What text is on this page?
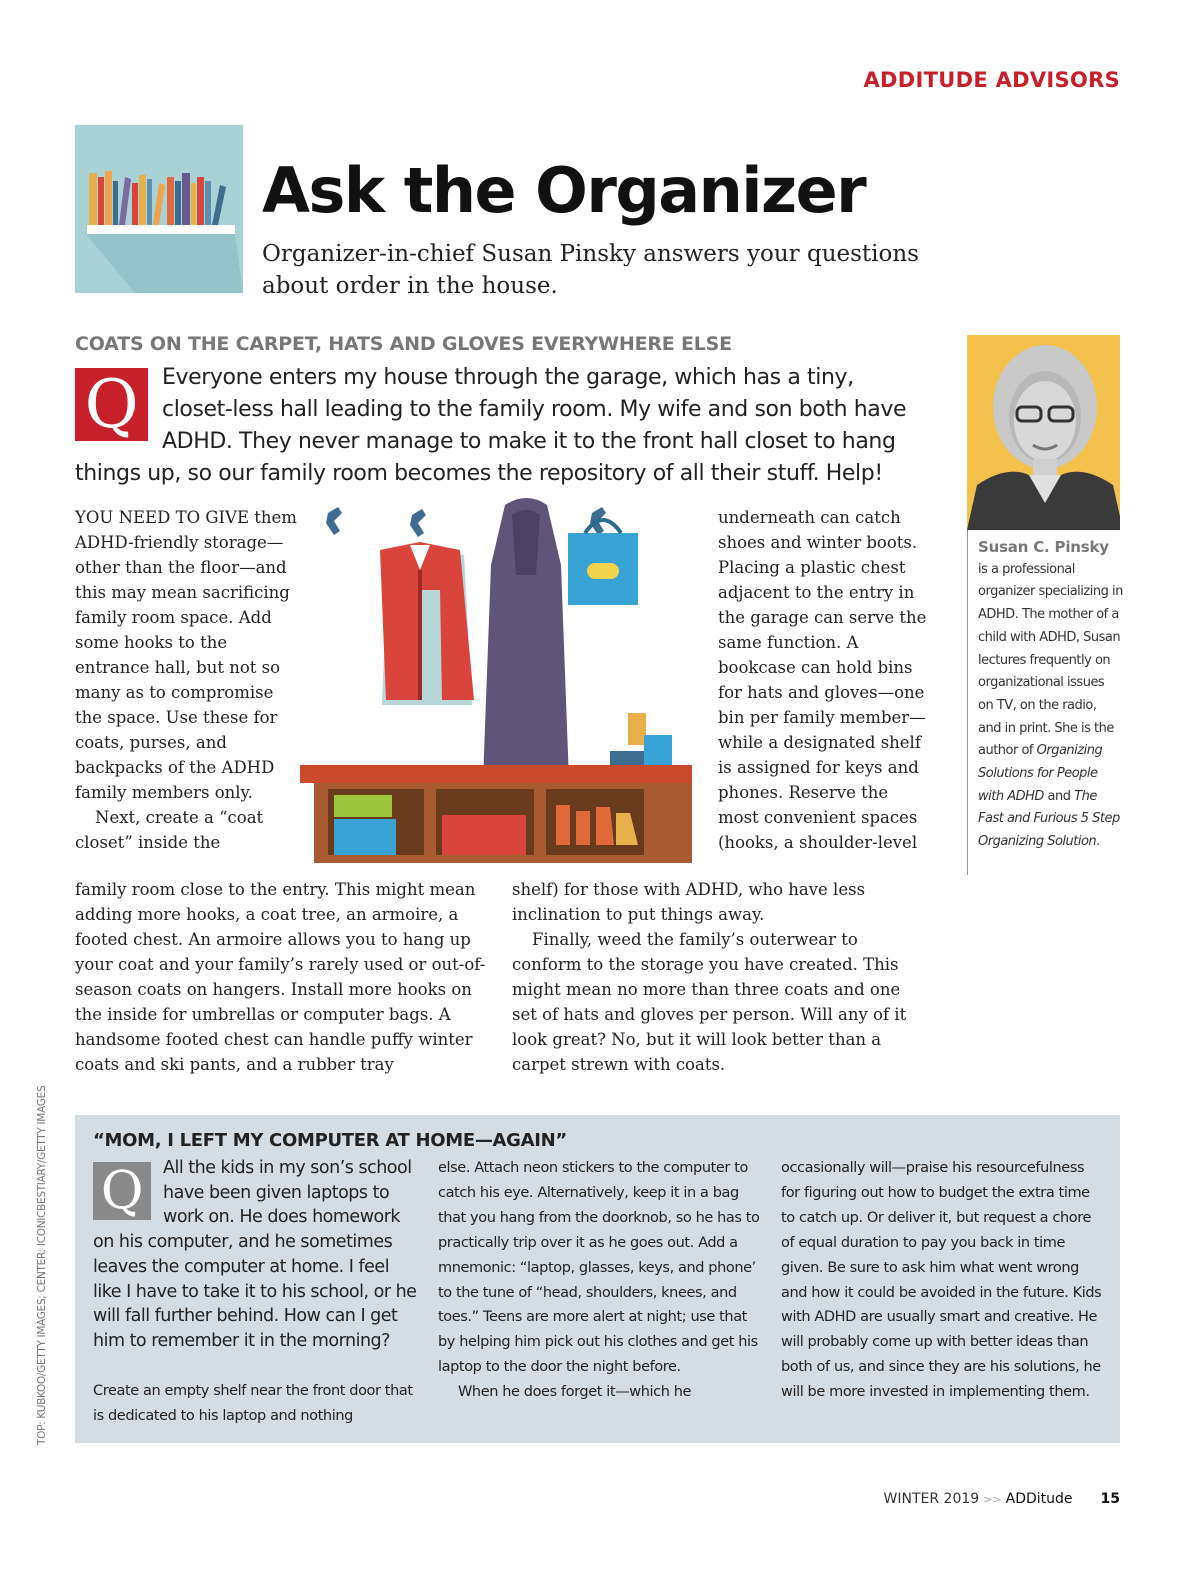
ADDITUDE ADVISORS
Ask the Organizer
Organizer-in-chief Susan Pinsky answers your questions about order in the house.
COATS ON THE CARPET, HATS AND GLOVES EVERYWHERE ELSE
Q	Everyone enters my house through the garage, which has a tiny, closet-less hall leading to the family room. My wife and son both have ADHD. They never manage to make it to the front hall closet to hang things up, so our family room becomes the repository of all their stuff. Help!

YOU NEED TO GIVE them ADHD-friendly storage—other than the floor—and this may mean sacrificing family room space. Add some hooks to the entrance hall, but not so many as to compromise the space. Use these for coats, purses, and backpacks of the ADHD family members only.

Next, create a “coat closet” inside the

underneath can catch shoes and winter boots. Placing a plastic chest adjacent to the entry in the garage can serve the same function. A bookcase can hold bins for hats and gloves—one bin per family member—while a designated shelf is assigned for keys and phones. Reserve the most convenient spaces (hooks, a shoulder-level

family room close to the entry. This might mean adding more hooks, a coat tree, an armoire, a footed chest. An armoire allows you to hang up your coat and your family’s rarely used or out-of-season coats on hangers. Install more hooks on the inside for umbrellas or computer bags. A handsome footed chest can handle puffy winter coats and ski pants, and a rubber tray

shelf) for those with ADHD, who have less inclination to put things away.

Finally, weed the family’s outerwear to conform to the storage you have created. This might mean no more than three coats and one set of hats and gloves per person. Will any of it look great? No, but it will look better than a carpet strewn with coats.

Susan C. Pinsky
is a professional organizer specializing in ADHD. The mother of a child with ADHD, Susan lectures frequently on organizational issues on TV, on the radio, and in print. She is the author of Organizing Solutions for People with ADHD and The Fast and Furious 5 Step Organizing Solution.
“MOM, I LEFT MY COMPUTER AT HOME—AGAIN”
Q	All the kids in my son’s school have been given laptops to work on. He does homework on his computer, and he sometimes leaves the computer at home. I feel like I have to take it to his school, or he will fall further behind. How can I get him to remember it in the morning?

Create an empty shelf near the front door that is dedicated to his laptop and nothing

else. Attach neon stickers to the computer to catch his eye. Alternatively, keep it in a bag that you hang from the doorknob, so he has to practically trip over it as he goes out. Add a mnemonic: “laptop, glasses, keys, and phone’ to the tune of “head, shoulders, knees, and toes.” Teens are more alert at night; use that by helping him pick out his clothes and get his laptop to the door the night before.

When he does forget it—which he

occasionally will—praise his resourcefulness for figuring out how to budget the extra time to catch up. Or deliver it, but request a chore of equal duration to pay you back in time given. Be sure to ask him what went wrong and how it could be avoided in the future. Kids with ADHD are usually smart and creative. He will probably come up with better ideas than both of us, and since they are his solutions, he will be more invested in implementing them.

TOP: KUBKOO/GETTY IMAGES; CENTER: ICONICBESTIARY/GETTY IMAGES
WINTER 2019 >> ADDitude 15
